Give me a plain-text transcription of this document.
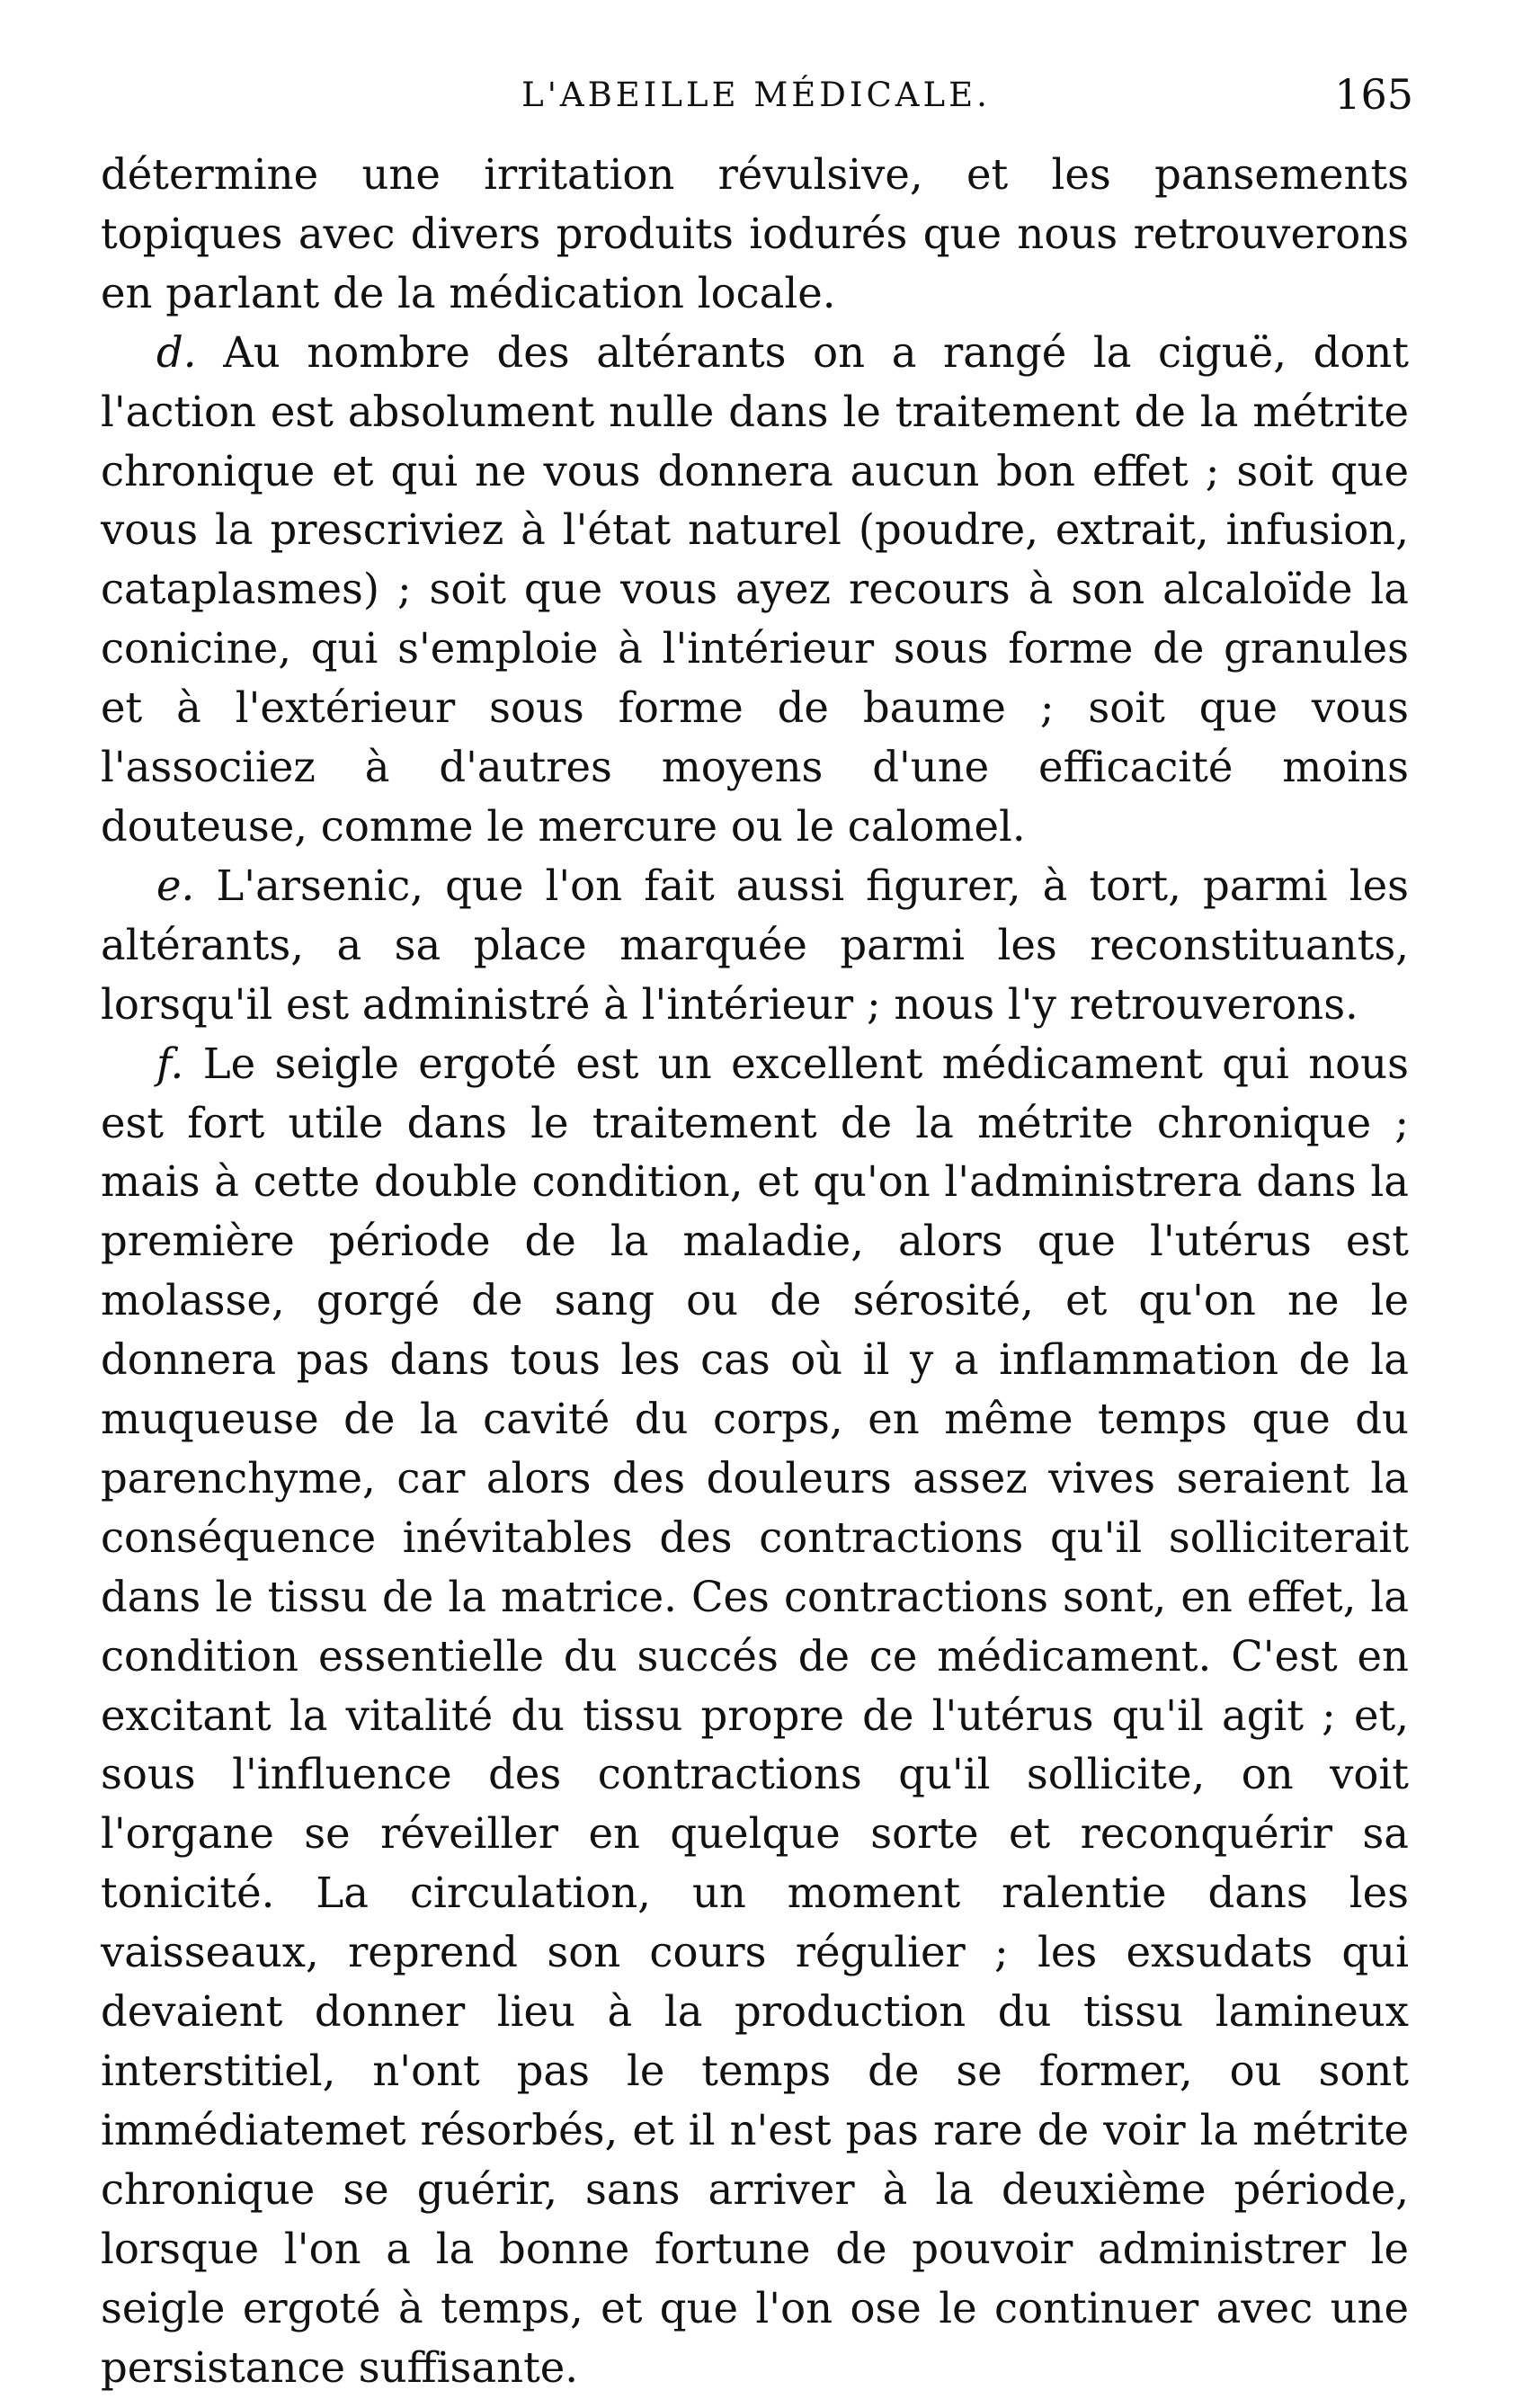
L'ABEILLE MÉDICALE.	165

détermine une irritation révulsive, et les pansements topiques avec divers produits iodurés que nous retrouverons en parlant de la médication locale.

d. Au nombre des altérants on a rangé la ciguë, dont l'action est absolument nulle dans le traitement de la métrite chronique et qui ne vous donnera aucun bon effet ; soit que vous la prescriviez à l'état naturel (poudre, extrait, infusion, cataplasmes) ; soit que vous ayez recours à son alcaloïde la conicine, qui s'emploie à l'intérieur sous forme de granules et à l'extérieur sous forme de baume ; soit que vous l'associiez à d'autres moyens d'une efficacité moins douteuse, comme le mercure ou le calomel.

e. L'arsenic, que l'on fait aussi figurer, à tort, parmi les altérants, a sa place marquée parmi les reconstituants, lorsqu'il est administré à l'intérieur ; nous l'y retrouverons.

f. Le seigle ergoté est un excellent médicament qui nous est fort utile dans le traitement de la métrite chronique ; mais à cette double condition, et qu'on l'administrera dans la première période de la maladie, alors que l'utérus est molasse, gorgé de sang ou de sérosité, et qu'on ne le donnera pas dans tous les cas où il y a inflammation de la muqueuse de la cavité du corps, en même temps que du parenchyme, car alors des douleurs assez vives seraient la conséquence inévitables des contractions qu'il solliciterait dans le tissu de la matrice. Ces contractions sont, en effet, la condition essentielle du succés de ce médicament. C'est en excitant la vitalité du tissu propre de l'utérus qu'il agit ; et, sous l'influence des contractions qu'il sollicite, on voit l'organe se réveiller en quelque sorte et reconquérir sa tonicité. La circulation, un moment ralentie dans les vaisseaux, reprend son cours régulier ; les exsudats qui devaient donner lieu à la production du tissu lamineux interstitiel, n'ont pas le temps de se former, ou sont immédiatemet résorbés, et il n'est pas rare de voir la métrite chronique se guérir, sans arriver à la deuxième période, lorsque l'on a la bonne fortune de pouvoir administrer le seigle ergoté à temps, et que l'on ose le continuer avec une persistance suffisante.
